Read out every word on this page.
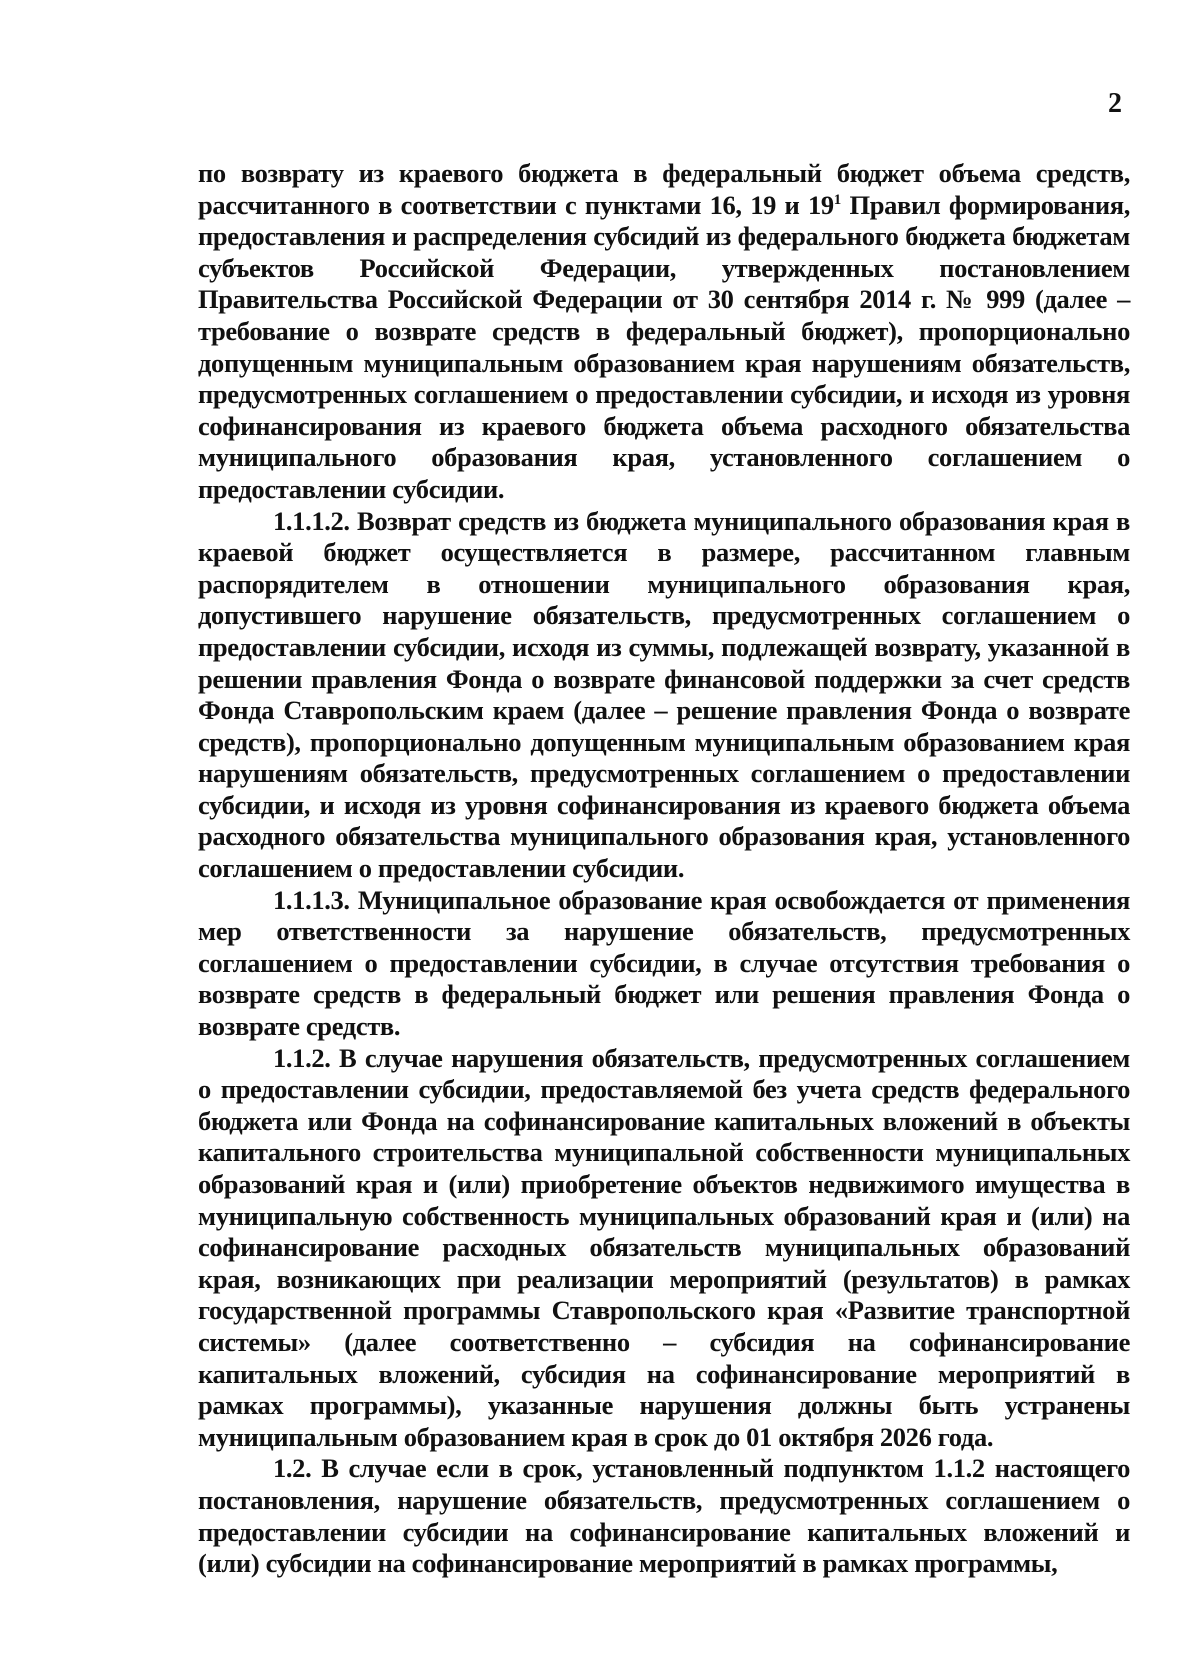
2

по возврату из краевого бюджета в федеральный бюджет объема средств, рассчитанного в соответствии с пунктами 16, 19 и $19^1$ Правил формирования, предоставления и распределения субсидий из федерального бюджета бюджетам субъектов Российской Федерации, утвержденных постановлением Правительства Российской Федерации от 30 сентября 2014 г. № 999 (далее – требование о возврате средств в федеральный бюджет), пропорционально допущенным муниципальным образованием края нарушениям обязательств, предусмотренных соглашением о предоставлении субсидии, и исходя из уровня софинансирования из краевого бюджета объема расходного обязательства муниципального образования края, установленного соглашением о предоставлении субсидии.

1.1.1.2. Возврат средств из бюджета муниципального образования края в краевой бюджет осуществляется в размере, рассчитанном главным распорядителем в отношении муниципального образования края, допустившего нарушение обязательств, предусмотренных соглашением о предоставлении субсидии, исходя из суммы, подлежащей возврату, указанной в решении правления Фонда о возврате финансовой поддержки за счет средств Фонда Ставропольским краем (далее – решение правления Фонда о возврате средств), пропорционально допущенным муниципальным образованием края нарушениям обязательств, предусмотренных соглашением о предоставлении субсидии, и исходя из уровня софинансирования из краевого бюджета объема расходного обязательства муниципального образования края, установленного соглашением о предоставлении субсидии.

1.1.1.3. Муниципальное образование края освобождается от применения мер ответственности за нарушение обязательств, предусмотренных соглашением о предоставлении субсидии, в случае отсутствия требования о возврате средств в федеральный бюджет или решения правления Фонда о возврате средств.

1.1.2. В случае нарушения обязательств, предусмотренных соглашением о предоставлении субсидии, предоставляемой без учета средств федерального бюджета или Фонда на софинансирование капитальных вложений в объекты капитального строительства муниципальной собственности муниципальных образований края и (или) приобретение объектов недвижимого имущества в муниципальную собственность муниципальных образований края и (или) на софинансирование расходных обязательств муниципальных образований края, возникающих при реализации мероприятий (результатов) в рамках государственной программы Ставропольского края «Развитие транспортной системы» (далее соответственно – субсидия на софинансирование капитальных вложений, субсидия на софинансирование мероприятий в рамках программы), указанные нарушения должны быть устранены муниципальным образованием края в срок до 01 октября 2026 года.

1.2. В случае если в срок, установленный подпунктом 1.1.2 настоящего постановления, нарушение обязательств, предусмотренных соглашением о предоставлении субсидии на софинансирование капитальных вложений и (или) субсидии на софинансирование мероприятий в рамках программы,
